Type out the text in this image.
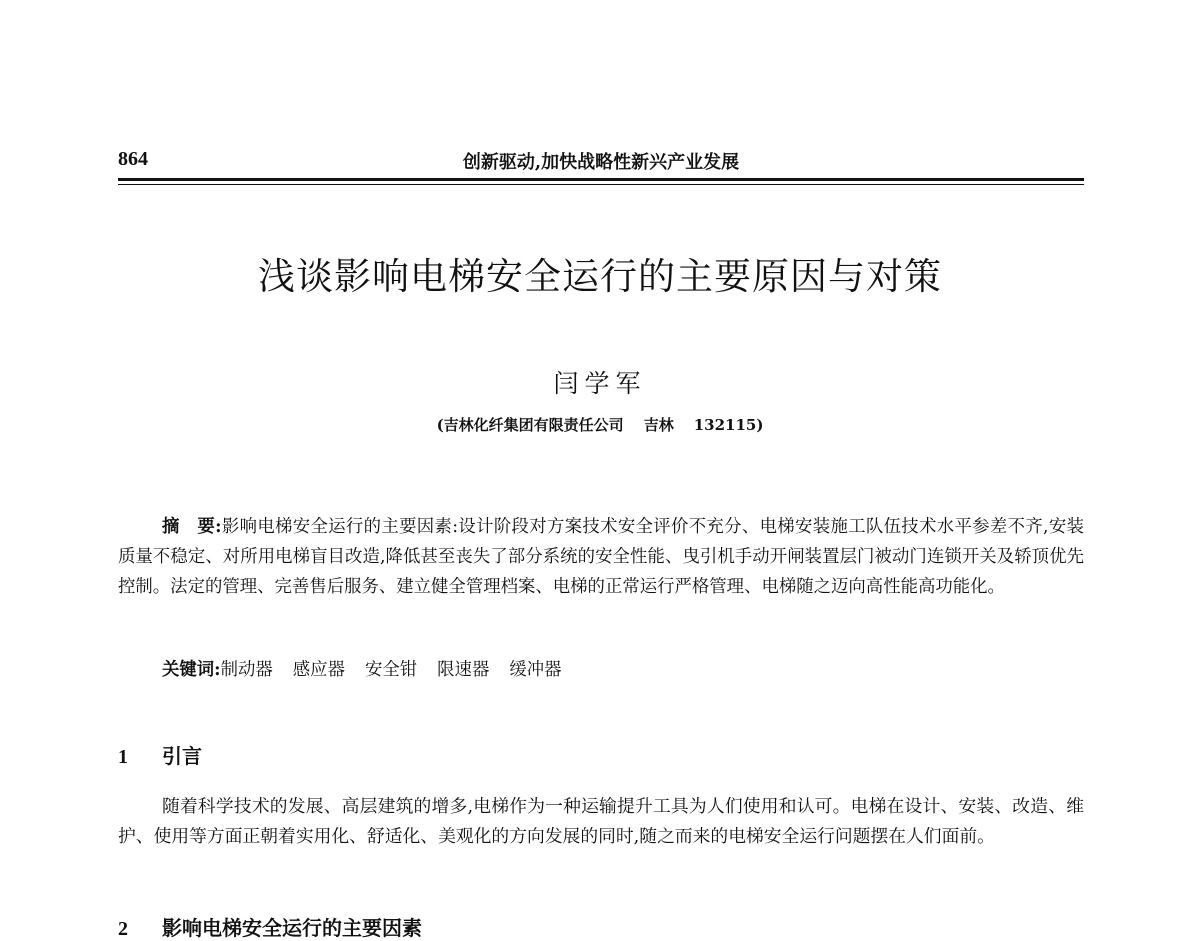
864	创新驱动,加快战略性新兴产业发展
浅谈影响电梯安全运行的主要原因与对策
闫学军
(吉林化纤集团有限责任公司 吉林 132115)
摘　要:影响电梯安全运行的主要因素:设计阶段对方案技术安全评价不充分、电梯安装施工队伍技术水平参差不齐,安装质量不稳定、对所用电梯盲目改造,降低甚至丧失了部分系统的安全性能、曳引机手动开闸装置层门被动门连锁开关及轿顶优先控制。法定的管理、完善售后服务、建立健全管理档案、电梯的正常运行严格管理、电梯随之迈向高性能高功能化。
关键词:制动器 感应器 安全钳 限速器 缓冲器
1 引言
随着科学技术的发展、高层建筑的增多,电梯作为一种运输提升工具为人们使用和认可。电梯在设计、安装、改造、维护、使用等方面正朝着实用化、舒适化、美观化的方向发展的同时,随之而来的电梯安全运行问题摆在人们面前。
2 影响电梯安全运行的主要因素
